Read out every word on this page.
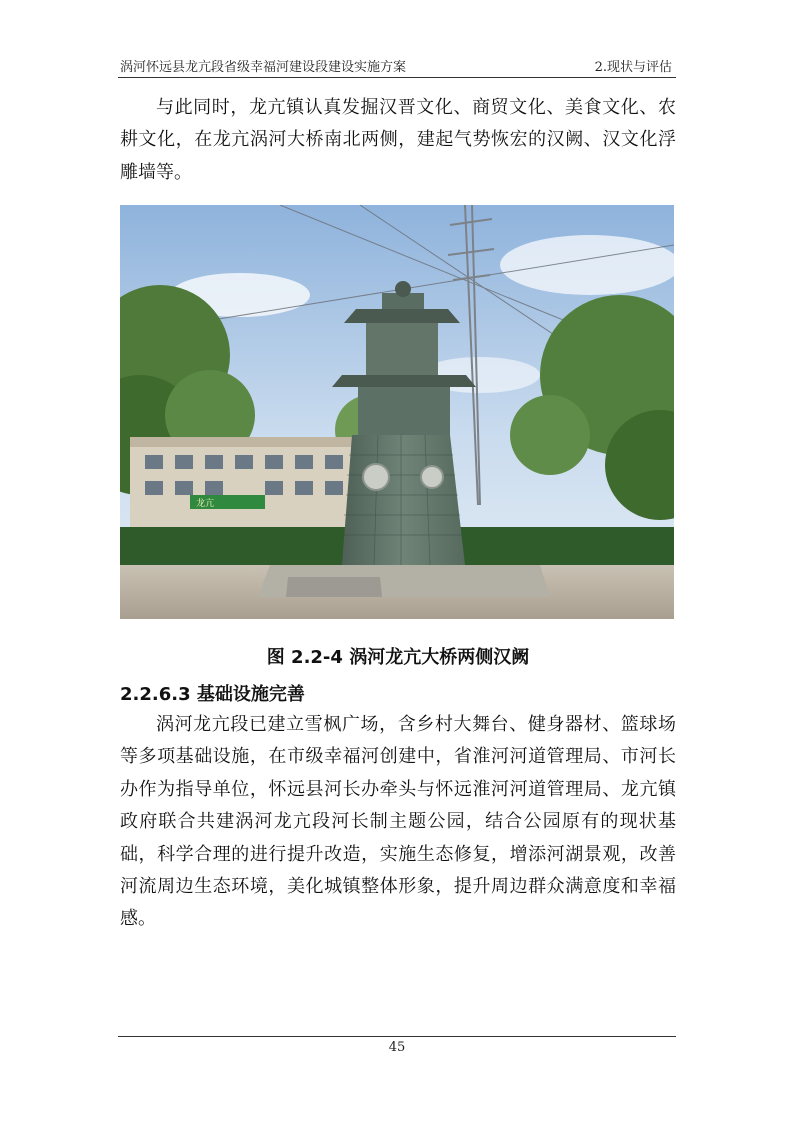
涡河怀远县龙亢段省级幸福河建设段建设实施方案	2.现状与评估

与此同时，龙亢镇认真发掘汉晋文化、商贸文化、美食文化、农耕文化，在龙亢涡河大桥南北两侧，建起气势恢宏的汉阙、汉文化浮雕墙等。

龙亢
图 2.2-4 涡河龙亢大桥两侧汉阙
2.2.6.3 基础设施完善

涡河龙亢段已建立雪枫广场，含乡村大舞台、健身器材、篮球场等多项基础设施，在市级幸福河创建中，省淮河河道管理局、市河长办作为指导单位，怀远县河长办牵头与怀远淮河河道管理局、龙亢镇政府联合共建涡河龙亢段河长制主题公园，结合公园原有的现状基础，科学合理的进行提升改造，实施生态修复，增添河湖景观，改善河流周边生态环境，美化城镇整体形象，提升周边群众满意度和幸福感。

45
